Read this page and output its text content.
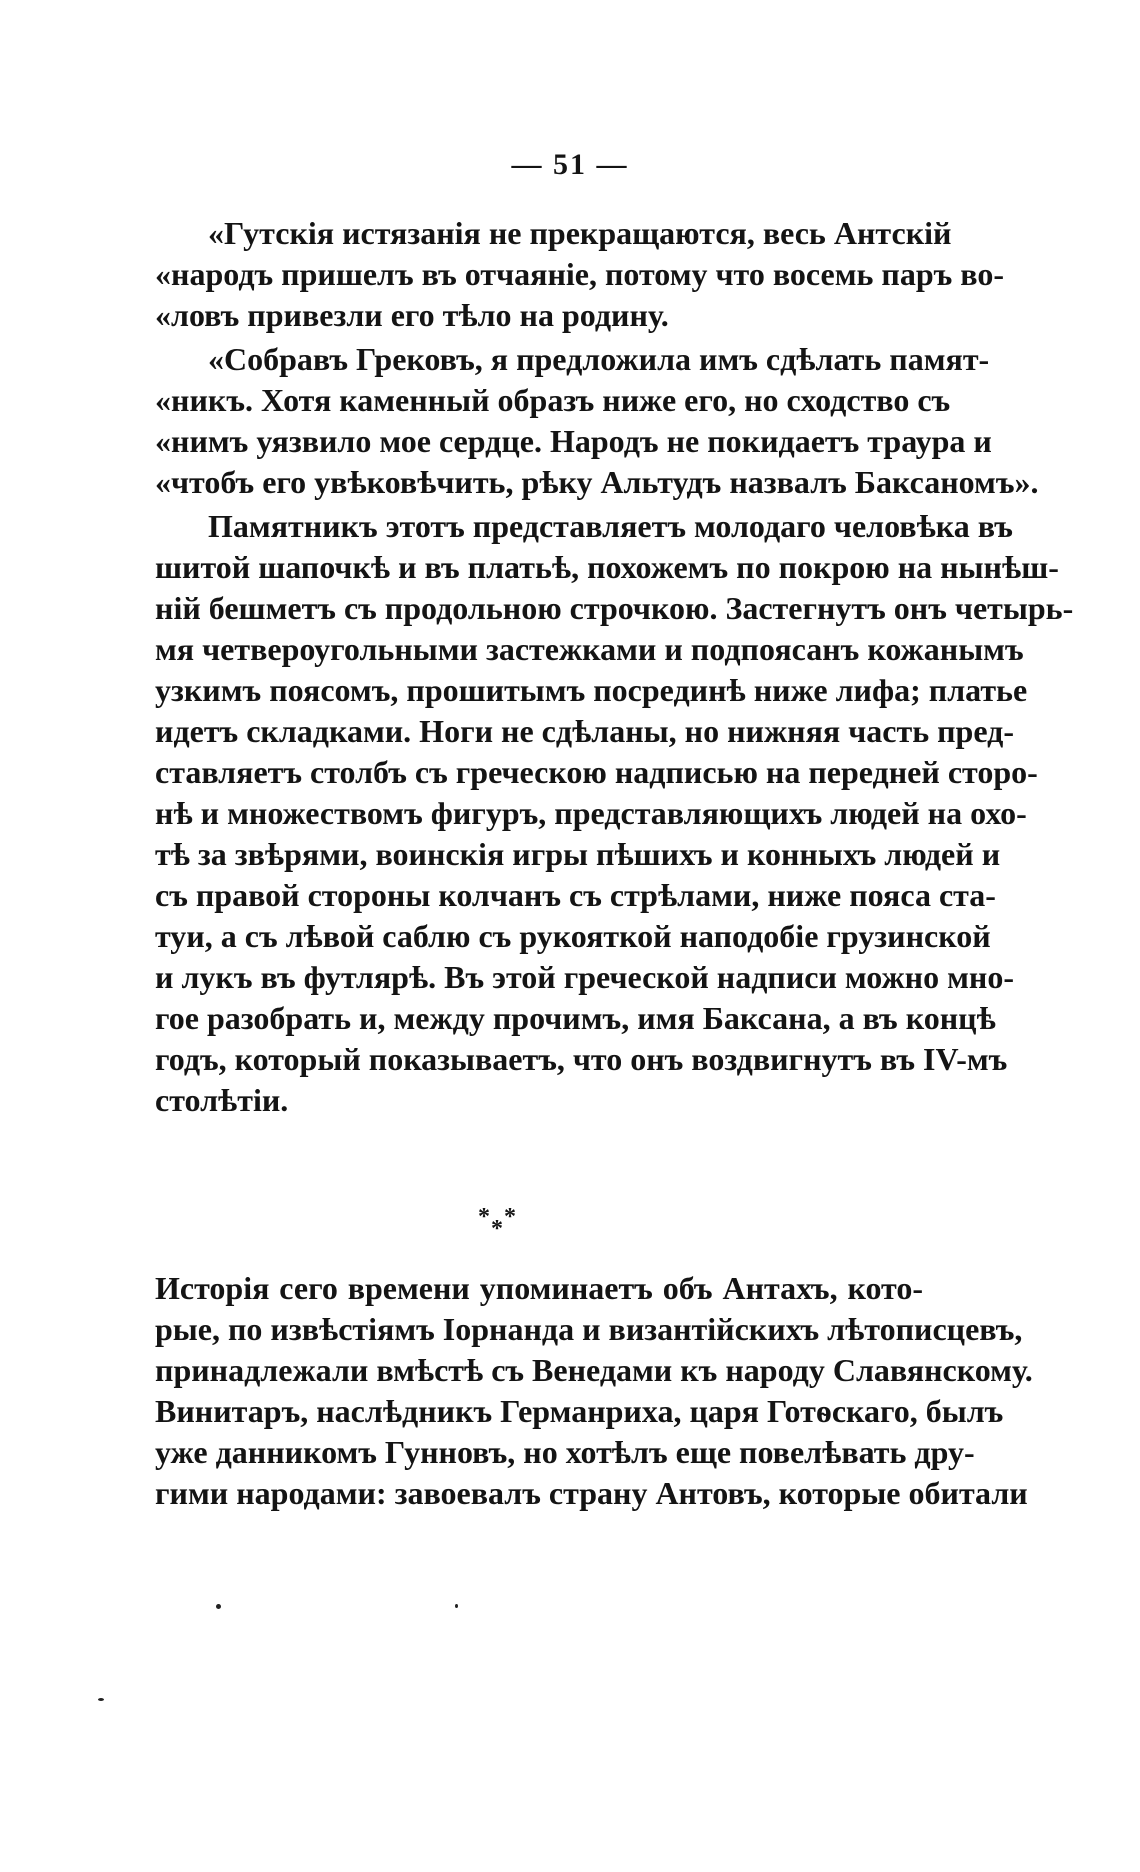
— 51 —
«Гутскія истязанія не прекращаются, весь Антскій
«народъ пришелъ въ отчаяніе, потому что восемь паръ во-
«ловъ привезли его тѣло на родину.
«Собравъ Грековъ, я предложила имъ сдѣлать памят-
«никъ. Хотя каменный образъ ниже его, но сходство съ
«нимъ уязвило мое сердце. Народъ не покидаетъ траура и
«чтобъ его увѣковѣчить, рѣку Альтудъ назвалъ Баксаномъ».
Памятникъ этотъ представляетъ молодаго человѣка въ
шитой шапочкѣ и въ платьѣ, похожемъ по покрою на нынѣш-
ній бешметъ съ продольною строчкою. Застегнутъ онъ четырь-
мя четвероугольными застежками и подпоясанъ кожанымъ
узкимъ поясомъ, прошитымъ посрединѣ ниже лифа; платье
идетъ складками. Ноги не сдѣланы, но нижняя часть пред-
ставляетъ столбъ съ греческою надписью на передней сторо-
нѣ и множествомъ фигуръ, представляющихъ людей на охо-
тѣ за звѣрями, воинскія игры пѣшихъ и конныхъ людей и
съ правой стороны колчанъ съ стрѣлами, ниже пояса ста-
туи, а съ лѣвой саблю съ рукояткой наподобіе грузинской
и лукъ въ футлярѣ. Въ этой греческой надписи можно мно-
гое разобрать и, между прочимъ, имя Баксана, а въ концѣ
годъ, который показываетъ, что онъ воздвигнутъ въ IV-мъ
столѣтіи.
* *
*
Исторія сего времени упоминаетъ объ Антахъ, кото-
рые, по извѣстіямъ Іорнанда и византійскихъ лѣтописцевъ,
принадлежали вмѣстѣ съ Венедами къ народу Славянскому.
Винитаръ, наслѣдникъ Германриха, царя Готѳскаго, былъ
уже данникомъ Гунновъ, но хотѣлъ еще повелѣвать дру-
гими народами: завоевалъ страну Антовъ, которые обитали
